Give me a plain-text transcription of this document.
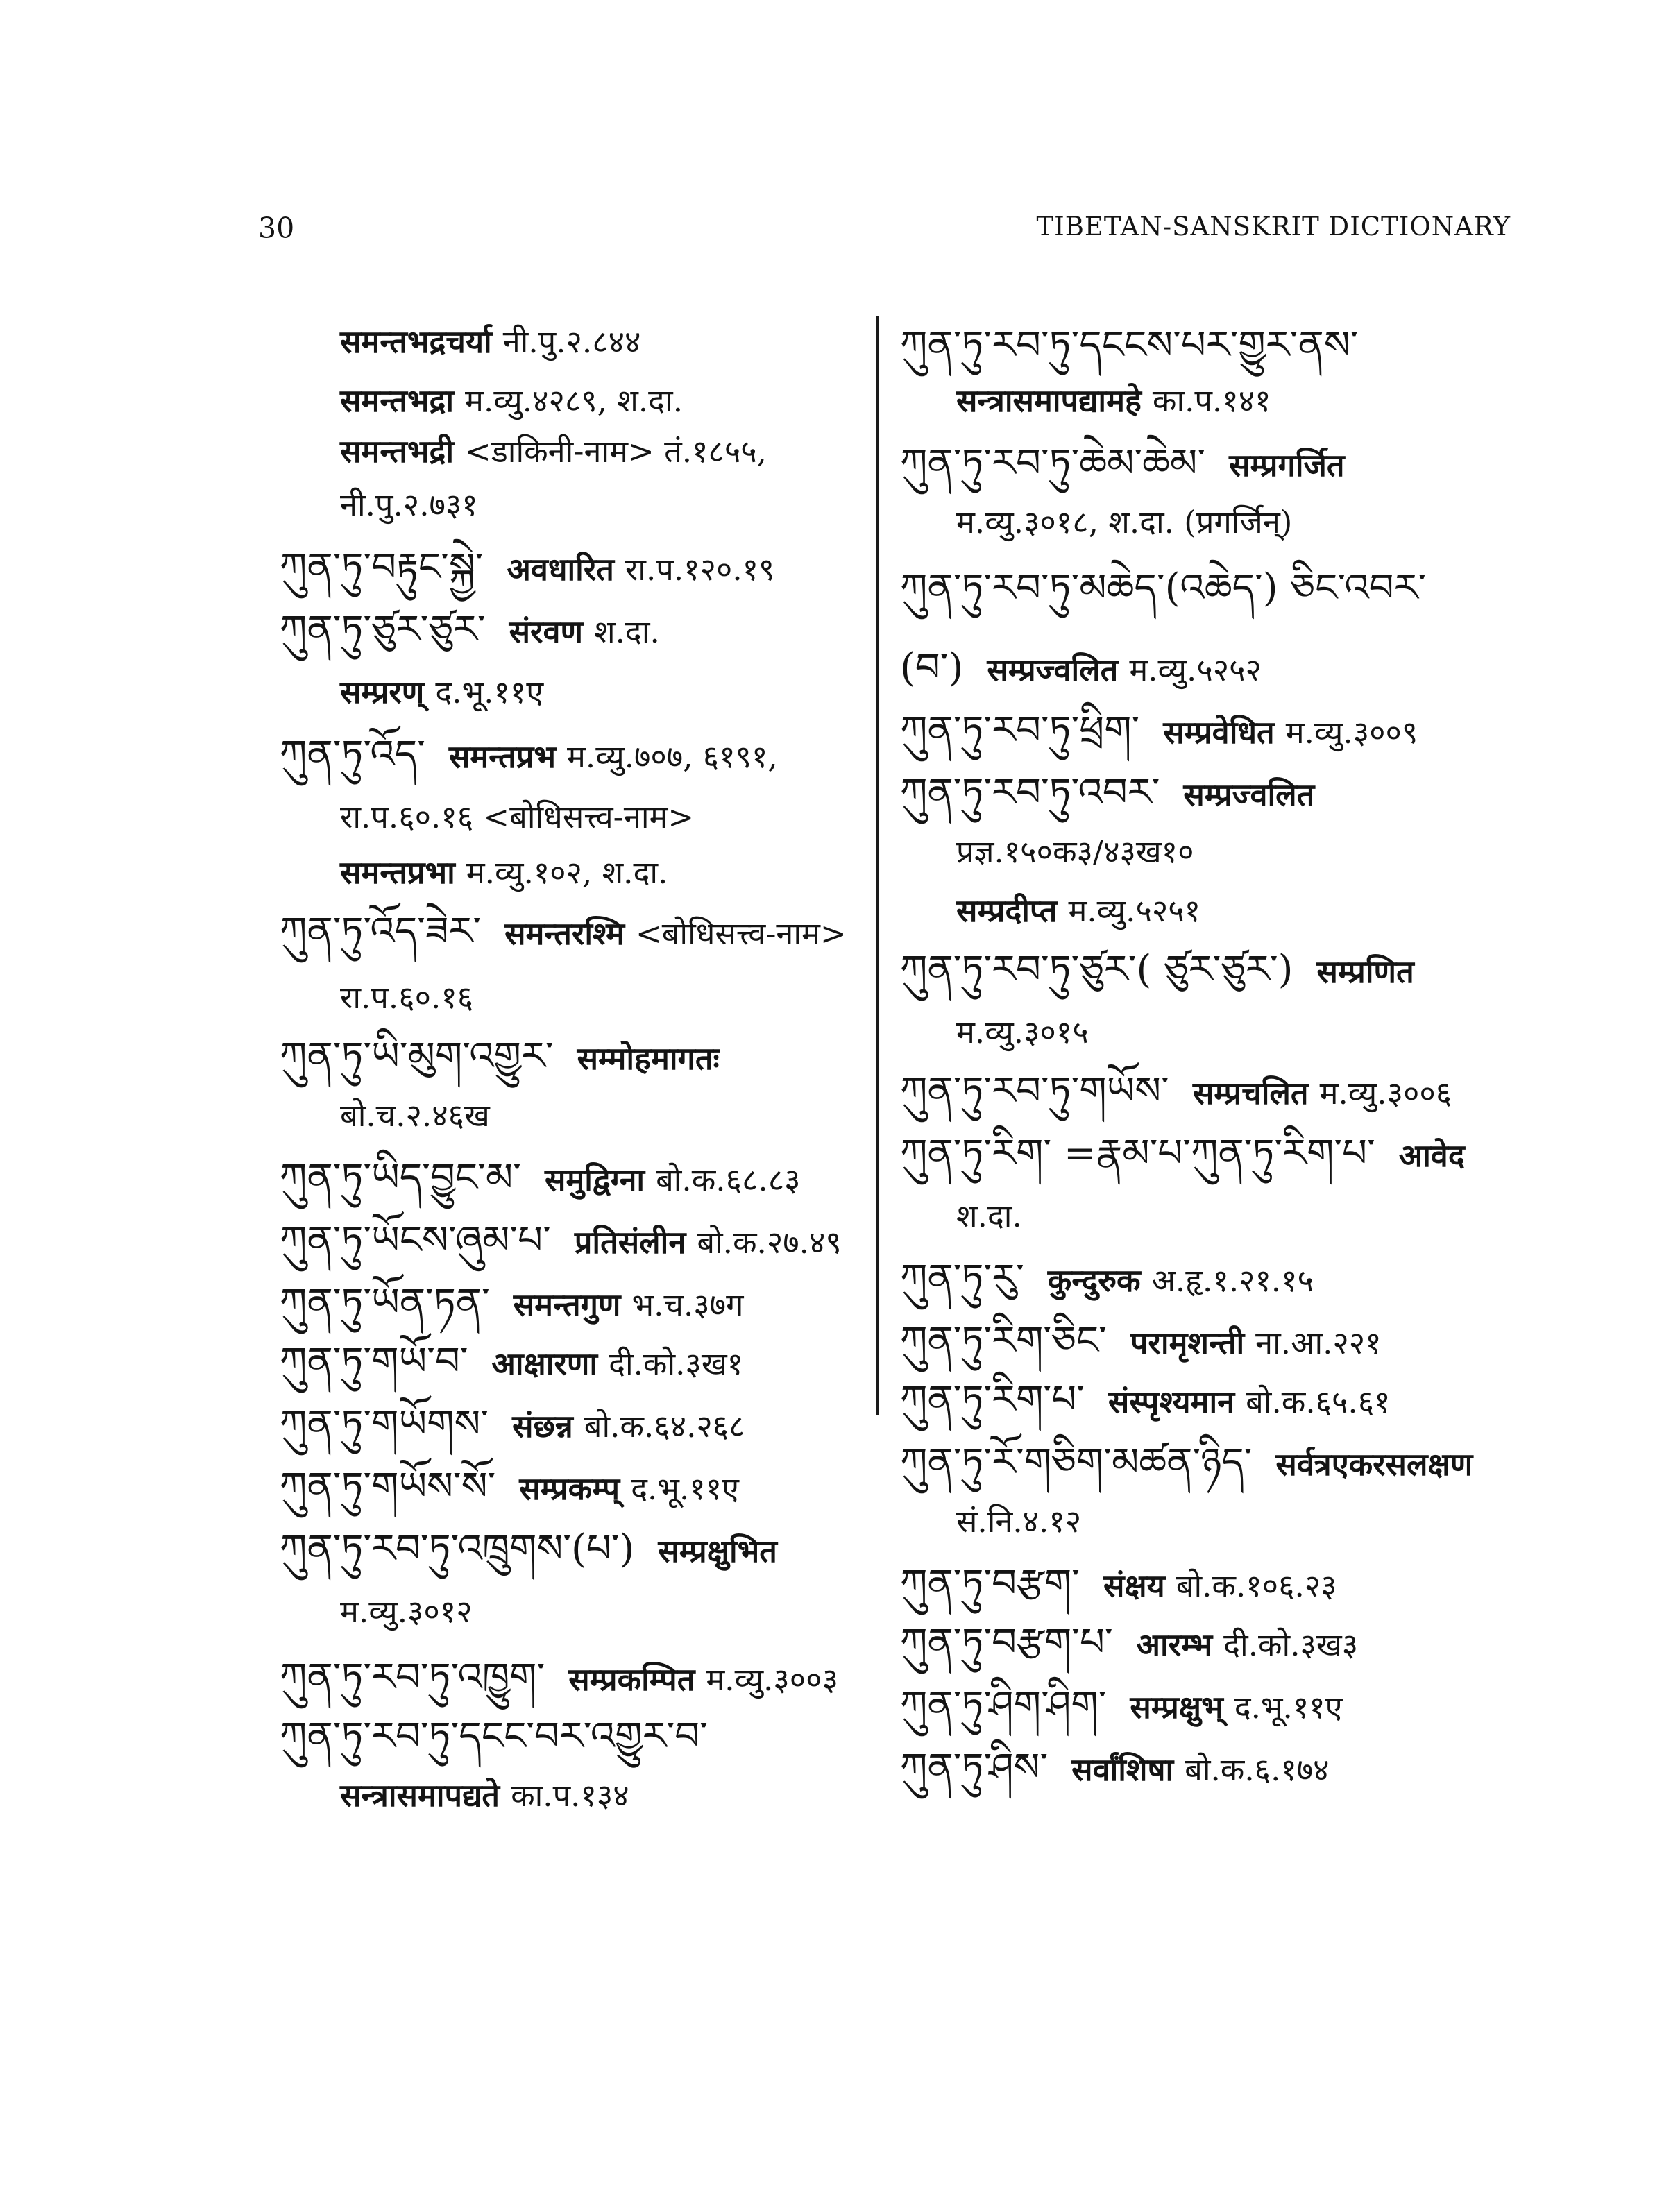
30	TIBETAN-SANSKRIT DICTIONARY
समन्तभद्रचर्या नी.पु.२.८४४
समन्तभद्रा म.व्यु.४२८९, श.दा.
समन्तभद्री <डाकिनी-नाम> तं.१८५५,
नी.पु.२.७३१
ཀུན་ཏུ་བརྟུང་སྐྱེ་ अवधारित रा.प.१२०.१९
ཀུན་ཏུ་ཙུར་ཙུར་ संरवण श.दा.
सम्प्ररण् द.भू.११ए
ཀུན་ཏུ་འོད་ समन्तप्रभ म.व्यु.७०७, ६१९१,
रा.प.६०.१६ <बोधिसत्त्व-नाम>
समन्तप्रभा म.व्यु.१०२, श.दा.
ཀུན་ཏུ་འོད་ཟེར་ समन्तरश्मि <बोधिसत्त्व-नाम>
रा.प.६०.१६
ཀུན་ཏུ་ཡི་མུག་འགྱུར་ सम्मोहमागतः
बो.च.२.४६ख
ཀུན་ཏུ་ཡིད་བྱུང་མ་ समुद्विग्ना बो.क.६८.८३
ཀུན་ཏུ་ཡོངས་ཞུམ་པ་ प्रतिसंलीन बो.क.२७.४९
ཀུན་ཏུ་ཡོན་ཏན་ समन्तगुण भ.च.३७ग
ཀུན་ཏུ་གཡོ་བ་ आक्षारणा दी.को.३ख१
ཀུན་ཏུ་གཡོགས་ संछन्न बो.क.६४.२६८
ཀུན་ཏུ་གཡོས་སོ་ सम्प्रकम्प् द.भू.११ए
ཀུན་ཏུ་རབ་ཏུ་འཁྲུགས་(པ་) सम्प्रक्षुभित
म.व्यु.३०१२
ཀུན་ཏུ་རབ་ཏུ་འཁྱུག་ सम्प्रकम्पित म.व्यु.३००३
ཀུན་ཏུ་རབ་ཏུ་དངང་བར་འགྱུར་བ་
सन्त्रासमापद्यते का.प.१३४
ཀུན་ཏུ་རབ་ཏུ་དངངས་པར་གྱུར་ནས་
सन्त्रासमापद्यामहे का.प.१४१
ཀུན་ཏུ་རབ་ཏུ་ཆེམ་ཆེམ་ सम्प्रगर्जित
म.व्यु.३०१८, श.दा. (प्रगर्जिन्)
ཀུན་ཏུ་རབ་ཏུ་མཆེད་(འཆེད་) ཅིང་འབར་
(བ་) सम्प्रज्वलित म.व्यु.५२५२
ཀུན་ཏུ་རབ་ཏུ་ཕྲིག་ सम्प्रवेधित म.व्यु.३००९
ཀུན་ཏུ་རབ་ཏུ་འབར་ सम्प्रज्वलित
प्रज्ञ.१५०क३/४३ख१०
सम्प्रदीप्त म.व्यु.५२५१
ཀུན་ཏུ་རབ་ཏུ་ཙུར་( ཙུར་ཙུར་) सम्प्रणित
म.व्यु.३०१५
ཀུན་ཏུ་རབ་ཏུ་གཡོས་ सम्प्रचलित म.व्यु.३००६
ཀུན་ཏུ་རིག་ =རྣམ་པ་ཀུན་ཏུ་རིག་པ་ आवेद
श.दा.
ཀུན་ཏུ་རུ་ कुन्दुरुक अ.हृ.१.२१.१५
ཀུན་ཏུ་རིག་ཅིང་ परामृशन्ती ना.आ.२२१
ཀུན་ཏུ་རིག་པ་ संस्पृश्यमान बो.क.६५.६१
ཀུན་ཏུ་རོ་གཅིག་མཚན་ཉིད་ सर्वत्रएकरसलक्षण
सं.नि.४.१२
ཀུན་ཏུ་བརྩག་ संक्षय बो.क.१०६.२३
ཀུན་ཏུ་བརྩག་པ་ आरम्भ दी.को.३ख३
ཀུན་ཏུ་ཤིག་ཤིག་ सम्प्रक्षुभ् द.भू.११ए
ཀུན་ཏུ་ཤིས་ सर्वांशिषा बो.क.६.१७४
